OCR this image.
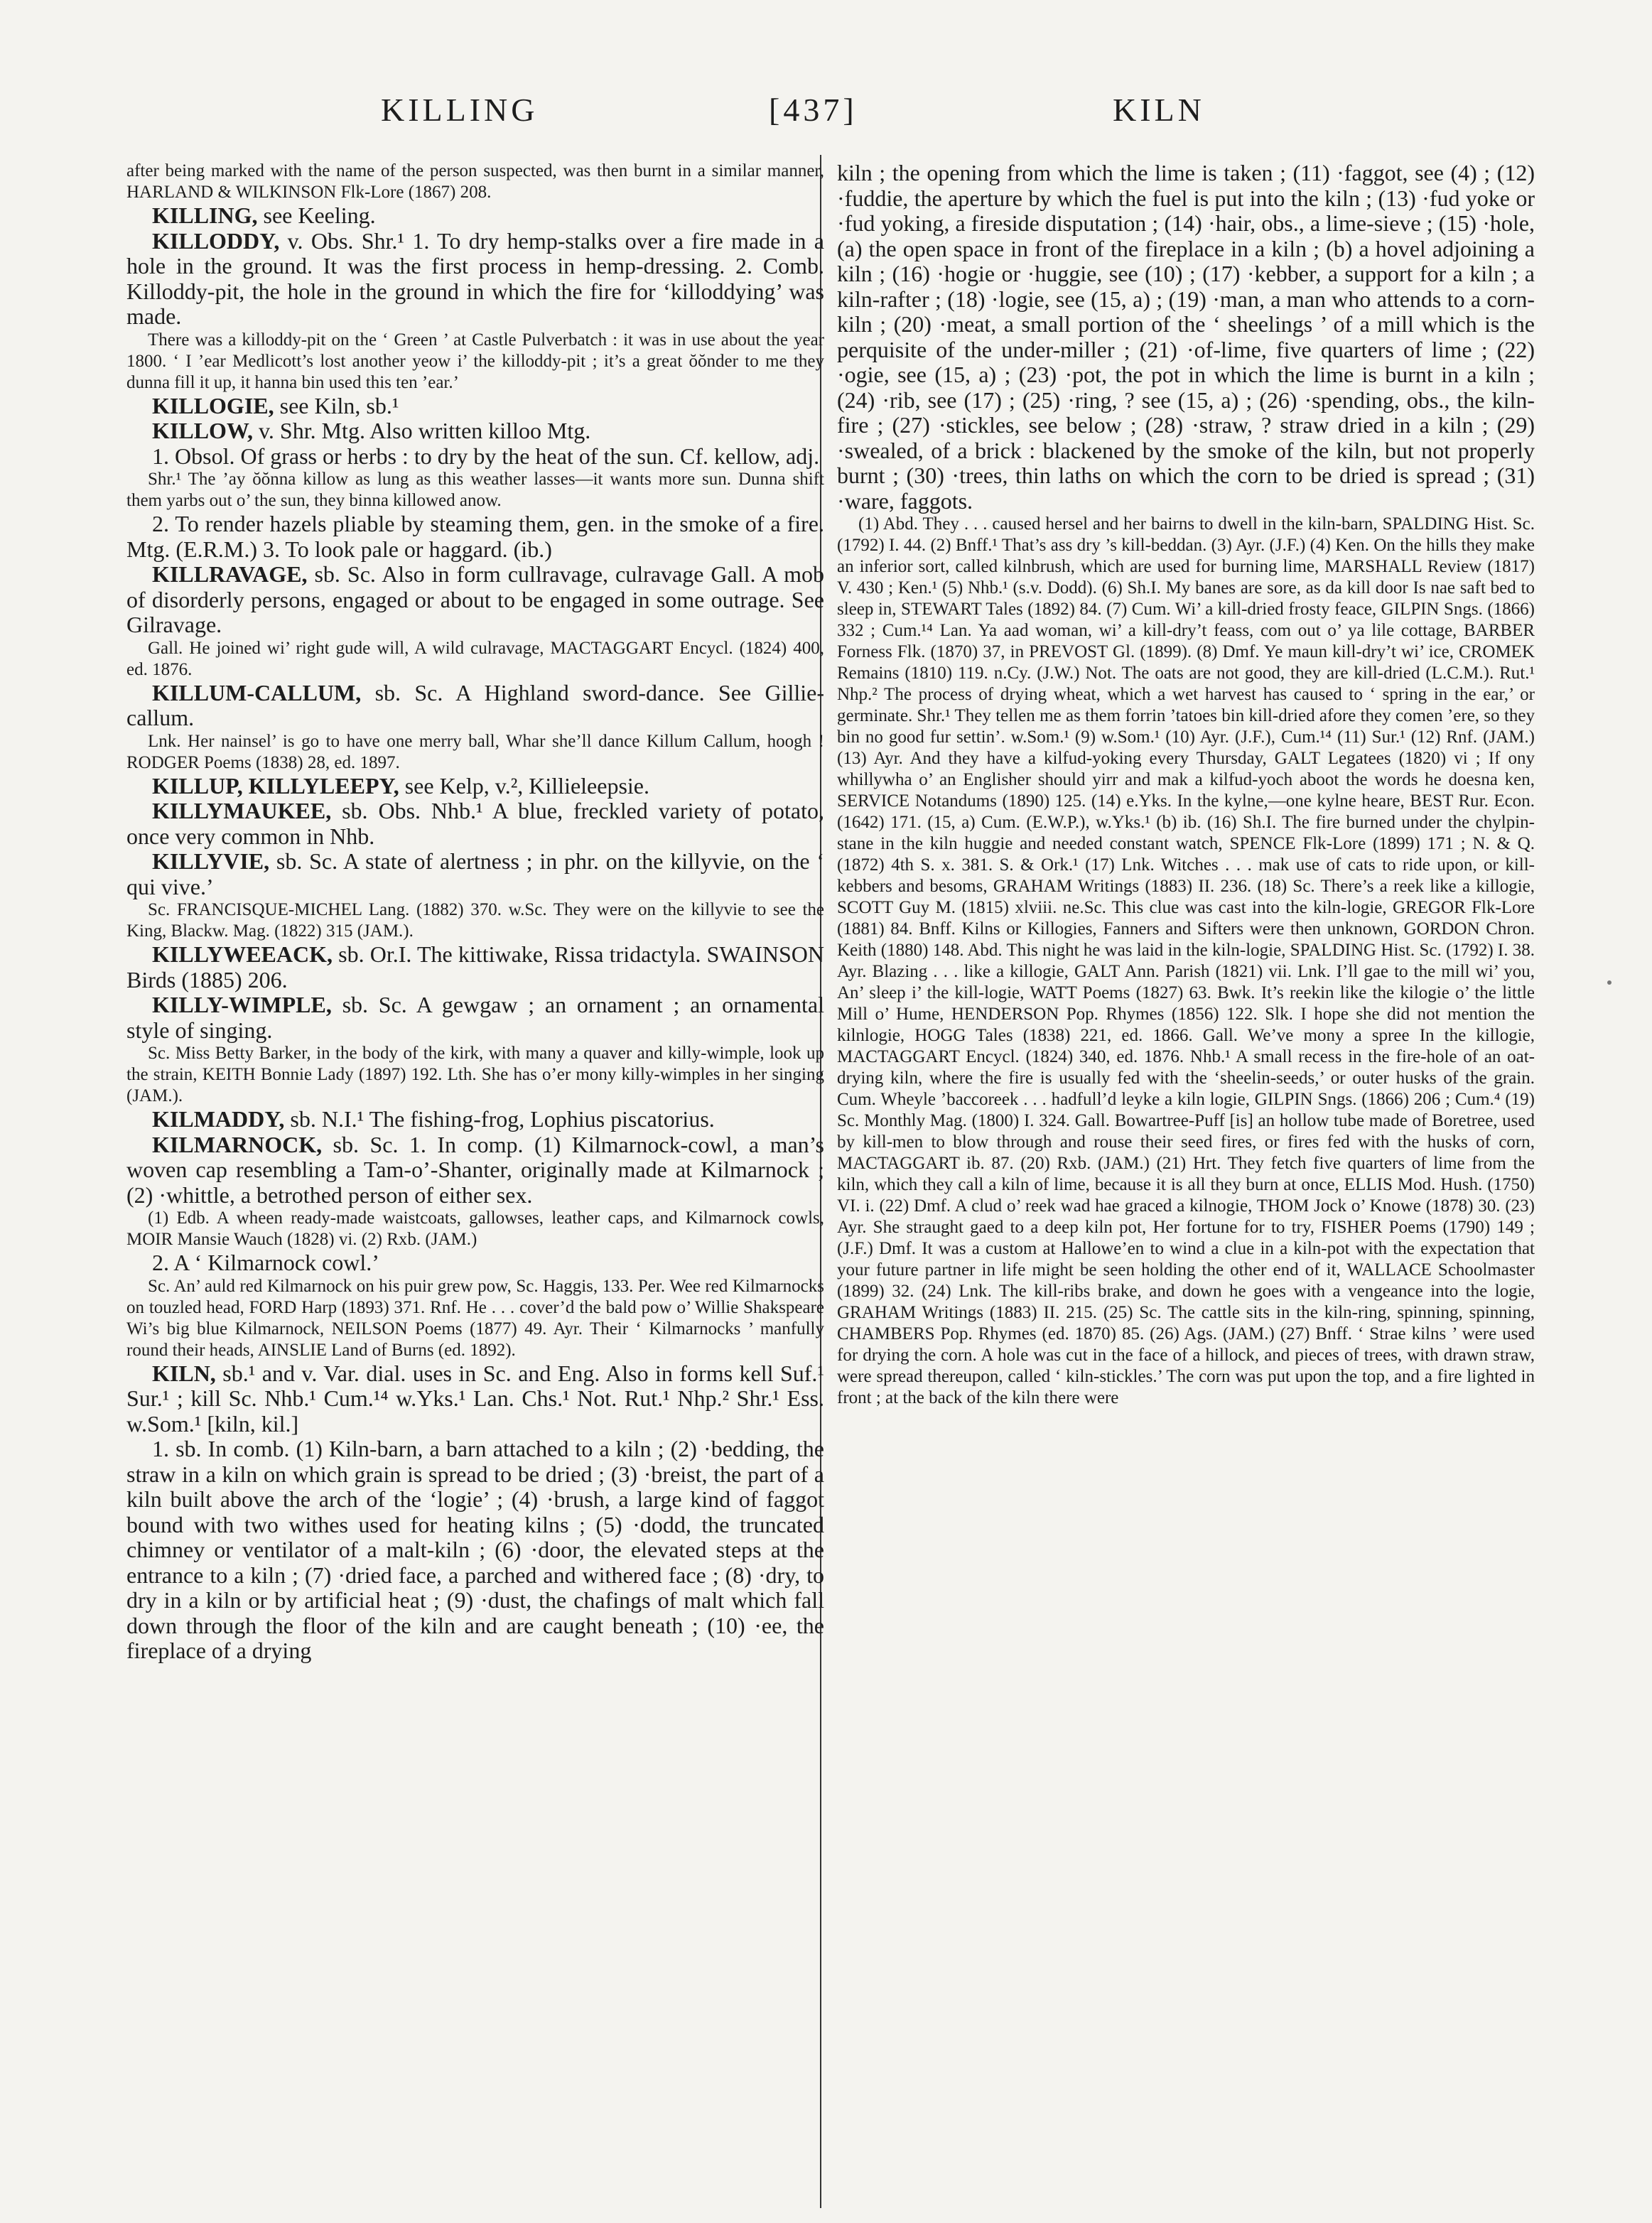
KILLING	[437]	KILN

after being marked with the name of the person suspected, was then burnt in a similar manner, HARLAND & WILKINSON Flk-Lore (1867) 208.

KILLING, see Keeling.

KILLODDY, v. Obs. Shr.¹ 1. To dry hemp-stalks over a fire made in a hole in the ground. It was the first process in hemp-dressing. 2. Comb. Killoddy-pit, the hole in the ground in which the fire for ‘killoddying’ was made.

There was a killoddy-pit on the ‘ Green ’ at Castle Pulverbatch : it was in use about the year 1800. ‘ I ’ear Medlicott’s lost another yeow i’ the killoddy-pit ; it’s a great ŏŏnder to me they dunna fill it up, it hanna bin used this ten ’ear.’

KILLOGIE, see Kiln, sb.¹

KILLOW, v. Shr. Mtg. Also written killoo Mtg.

1. Obsol. Of grass or herbs : to dry by the heat of the sun. Cf. kellow, adj.

Shr.¹ The ’ay ŏŏnna killow as lung as this weather lasses—it wants more sun. Dunna shift them yarbs out o’ the sun, they binna killowed anow.

2. To render hazels pliable by steaming them, gen. in the smoke of a fire. Mtg. (E.R.M.) 3. To look pale or haggard. (ib.)

KILLRAVAGE, sb. Sc. Also in form cullravage, culravage Gall. A mob of disorderly persons, engaged or about to be engaged in some outrage. See Gilravage.

Gall. He joined wi’ right gude will, A wild culravage, MACTAGGART Encycl. (1824) 400, ed. 1876.

KILLUM-CALLUM, sb. Sc. A Highland sword-dance. See Gillie-callum.

Lnk. Her nainsel’ is go to have one merry ball, Whar she’ll dance Killum Callum, hoogh ! RODGER Poems (1838) 28, ed. 1897.

KILLUP, KILLYLEEPY, see Kelp, v.², Killieleepsie.

KILLYMAUKEE, sb. Obs. Nhb.¹ A blue, freckled variety of potato, once very common in Nhb.

KILLYVIE, sb. Sc. A state of alertness ; in phr. on the killyvie, on the ‘ qui vive.’

Sc. FRANCISQUE-MICHEL Lang. (1882) 370. w.Sc. They were on the killyvie to see the King, Blackw. Mag. (1822) 315 (JAM.).

KILLYWEEACK, sb. Or.I. The kittiwake, Rissa tridactyla. SWAINSON Birds (1885) 206.

KILLY-WIMPLE, sb. Sc. A gewgaw ; an ornament ; an ornamental style of singing.

Sc. Miss Betty Barker, in the body of the kirk, with many a quaver and killy-wimple, look up the strain, KEITH Bonnie Lady (1897) 192. Lth. She has o’er mony killy-wimples in her singing (JAM.).

KILMADDY, sb. N.I.¹ The fishing-frog, Lophius piscatorius.

KILMARNOCK, sb. Sc. 1. In comp. (1) Kilmarnock-cowl, a man’s woven cap resembling a Tam-o’-Shanter, originally made at Kilmarnock ; (2) ·whittle, a betrothed person of either sex.

(1) Edb. A wheen ready-made waistcoats, gallowses, leather caps, and Kilmarnock cowls, MOIR Mansie Wauch (1828) vi. (2) Rxb. (JAM.)

2. A ‘ Kilmarnock cowl.’

Sc. An’ auld red Kilmarnock on his puir grew pow, Sc. Haggis, 133. Per. Wee red Kilmarnocks on touzled head, FORD Harp (1893) 371. Rnf. He . . . cover’d the bald pow o’ Willie Shakspeare Wi’s big blue Kilmarnock, NEILSON Poems (1877) 49. Ayr. Their ‘ Kilmarnocks ’ manfully round their heads, AINSLIE Land of Burns (ed. 1892).

KILN, sb.¹ and v. Var. dial. uses in Sc. and Eng. Also in forms kell Suf.¹ Sur.¹ ; kill Sc. Nhb.¹ Cum.¹⁴ w.Yks.¹ Lan. Chs.¹ Not. Rut.¹ Nhp.² Shr.¹ Ess. w.Som.¹ [kiln, kil.]

1. sb. In comb. (1) Kiln-barn, a barn attached to a kiln ; (2) ·bedding, the straw in a kiln on which grain is spread to be dried ; (3) ·breist, the part of a kiln built above the arch of the ‘logie’ ; (4) ·brush, a large kind of faggot bound with two withes used for heating kilns ; (5) ·dodd, the truncated chimney or ventilator of a malt-kiln ; (6) ·door, the elevated steps at the entrance to a kiln ; (7) ·dried face, a parched and withered face ; (8) ·dry, to dry in a kiln or by artificial heat ; (9) ·dust, the chafings of malt which fall down through the floor of the kiln and are caught beneath ; (10) ·ee, the fireplace of a drying

kiln ; the opening from which the lime is taken ; (11) ·faggot, see (4) ; (12) ·fuddie, the aperture by which the fuel is put into the kiln ; (13) ·fud yoke or ·fud yoking, a fireside disputation ; (14) ·hair, obs., a lime-sieve ; (15) ·hole, (a) the open space in front of the fireplace in a kiln ; (b) a hovel adjoining a kiln ; (16) ·hogie or ·huggie, see (10) ; (17) ·kebber, a support for a kiln ; a kiln-rafter ; (18) ·logie, see (15, a) ; (19) ·man, a man who attends to a corn-kiln ; (20) ·meat, a small portion of the ‘ sheelings ’ of a mill which is the perquisite of the under-miller ; (21) ·of-lime, five quarters of lime ; (22) ·ogie, see (15, a) ; (23) ·pot, the pot in which the lime is burnt in a kiln ; (24) ·rib, see (17) ; (25) ·ring, ? see (15, a) ; (26) ·spending, obs., the kiln-fire ; (27) ·stickles, see below ; (28) ·straw, ? straw dried in a kiln ; (29) ·swealed, of a brick : blackened by the smoke of the kiln, but not properly burnt ; (30) ·trees, thin laths on which the corn to be dried is spread ; (31) ·ware, faggots.

(1) Abd. They . . . caused hersel and her bairns to dwell in the kiln-barn, SPALDING Hist. Sc. (1792) I. 44. (2) Bnff.¹ That’s ass dry ’s kill-beddan. (3) Ayr. (J.F.) (4) Ken. On the hills they make an inferior sort, called kilnbrush, which are used for burning lime, MARSHALL Review (1817) V. 430 ; Ken.¹ (5) Nhb.¹ (s.v. Dodd). (6) Sh.I. My banes are sore, as da kill door Is nae saft bed to sleep in, STEWART Tales (1892) 84. (7) Cum. Wi’ a kill-dried frosty feace, GILPIN Sngs. (1866) 332 ; Cum.¹⁴ Lan. Ya aad woman, wi’ a kill-dry’t feass, com out o’ ya lile cottage, BARBER Forness Flk. (1870) 37, in PREVOST Gl. (1899). (8) Dmf. Ye maun kill-dry’t wi’ ice, CROMEK Remains (1810) 119. n.Cy. (J.W.) Not. The oats are not good, they are kill-dried (L.C.M.). Rut.¹ Nhp.² The process of drying wheat, which a wet harvest has caused to ‘ spring in the ear,’ or germinate. Shr.¹ They tellen me as them forrin ’tatoes bin kill-dried afore they comen ’ere, so they bin no good fur settin’. w.Som.¹ (9) w.Som.¹ (10) Ayr. (J.F.), Cum.¹⁴ (11) Sur.¹ (12) Rnf. (JAM.) (13) Ayr. And they have a kilfud-yoking every Thursday, GALT Legatees (1820) vi ; If ony whillywha o’ an Englisher should yirr and mak a kilfud-yoch aboot the words he doesna ken, SERVICE Notandums (1890) 125. (14) e.Yks. In the kylne,—one kylne heare, BEST Rur. Econ. (1642) 171. (15, a) Cum. (E.W.P.), w.Yks.¹ (b) ib. (16) Sh.I. The fire burned under the chylpin-stane in the kiln huggie and needed constant watch, SPENCE Flk-Lore (1899) 171 ; N. & Q. (1872) 4th S. x. 381. S. & Ork.¹ (17) Lnk. Witches . . . mak use of cats to ride upon, or kill-kebbers and besoms, GRAHAM Writings (1883) II. 236. (18) Sc. There’s a reek like a killogie, SCOTT Guy M. (1815) xlviii. ne.Sc. This clue was cast into the kiln-logie, GREGOR Flk-Lore (1881) 84. Bnff. Kilns or Killogies, Fanners and Sifters were then unknown, GORDON Chron. Keith (1880) 148. Abd. This night he was laid in the kiln-logie, SPALDING Hist. Sc. (1792) I. 38. Ayr. Blazing . . . like a killogie, GALT Ann. Parish (1821) vii. Lnk. I’ll gae to the mill wi’ you, An’ sleep i’ the kill-logie, WATT Poems (1827) 63. Bwk. It’s reekin like the kilogie o’ the little Mill o’ Hume, HENDERSON Pop. Rhymes (1856) 122. Slk. I hope she did not mention the kilnlogie, HOGG Tales (1838) 221, ed. 1866. Gall. We’ve mony a spree In the killogie, MACTAGGART Encycl. (1824) 340, ed. 1876. Nhb.¹ A small recess in the fire-hole of an oat-drying kiln, where the fire is usually fed with the ‘sheelin-seeds,’ or outer husks of the grain. Cum. Wheyle ’baccoreek . . . hadfull’d leyke a kiln logie, GILPIN Sngs. (1866) 206 ; Cum.⁴ (19) Sc. Monthly Mag. (1800) I. 324. Gall. Bowartree-Puff [is] an hollow tube made of Boretree, used by kill-men to blow through and rouse their seed fires, or fires fed with the husks of corn, MACTAGGART ib. 87. (20) Rxb. (JAM.) (21) Hrt. They fetch five quarters of lime from the kiln, which they call a kiln of lime, because it is all they burn at once, ELLIS Mod. Hush. (1750) VI. i. (22) Dmf. A clud o’ reek wad hae graced a kilnogie, THOM Jock o’ Knowe (1878) 30. (23) Ayr. She straught gaed to a deep kiln pot, Her fortune for to try, FISHER Poems (1790) 149 ; (J.F.) Dmf. It was a custom at Hallowe’en to wind a clue in a kiln-pot with the expectation that your future partner in life might be seen holding the other end of it, WALLACE Schoolmaster (1899) 32. (24) Lnk. The kill-ribs brake, and down he goes with a vengeance into the logie, GRAHAM Writings (1883) II. 215. (25) Sc. The cattle sits in the kiln-ring, spinning, spinning, CHAMBERS Pop. Rhymes (ed. 1870) 85. (26) Ags. (JAM.) (27) Bnff. ‘ Strae kilns ’ were used for drying the corn. A hole was cut in the face of a hillock, and pieces of trees, with drawn straw, were spread thereupon, called ‘ kiln-stickles.’ The corn was put upon the top, and a fire lighted in front ; at the back of the kiln there were
